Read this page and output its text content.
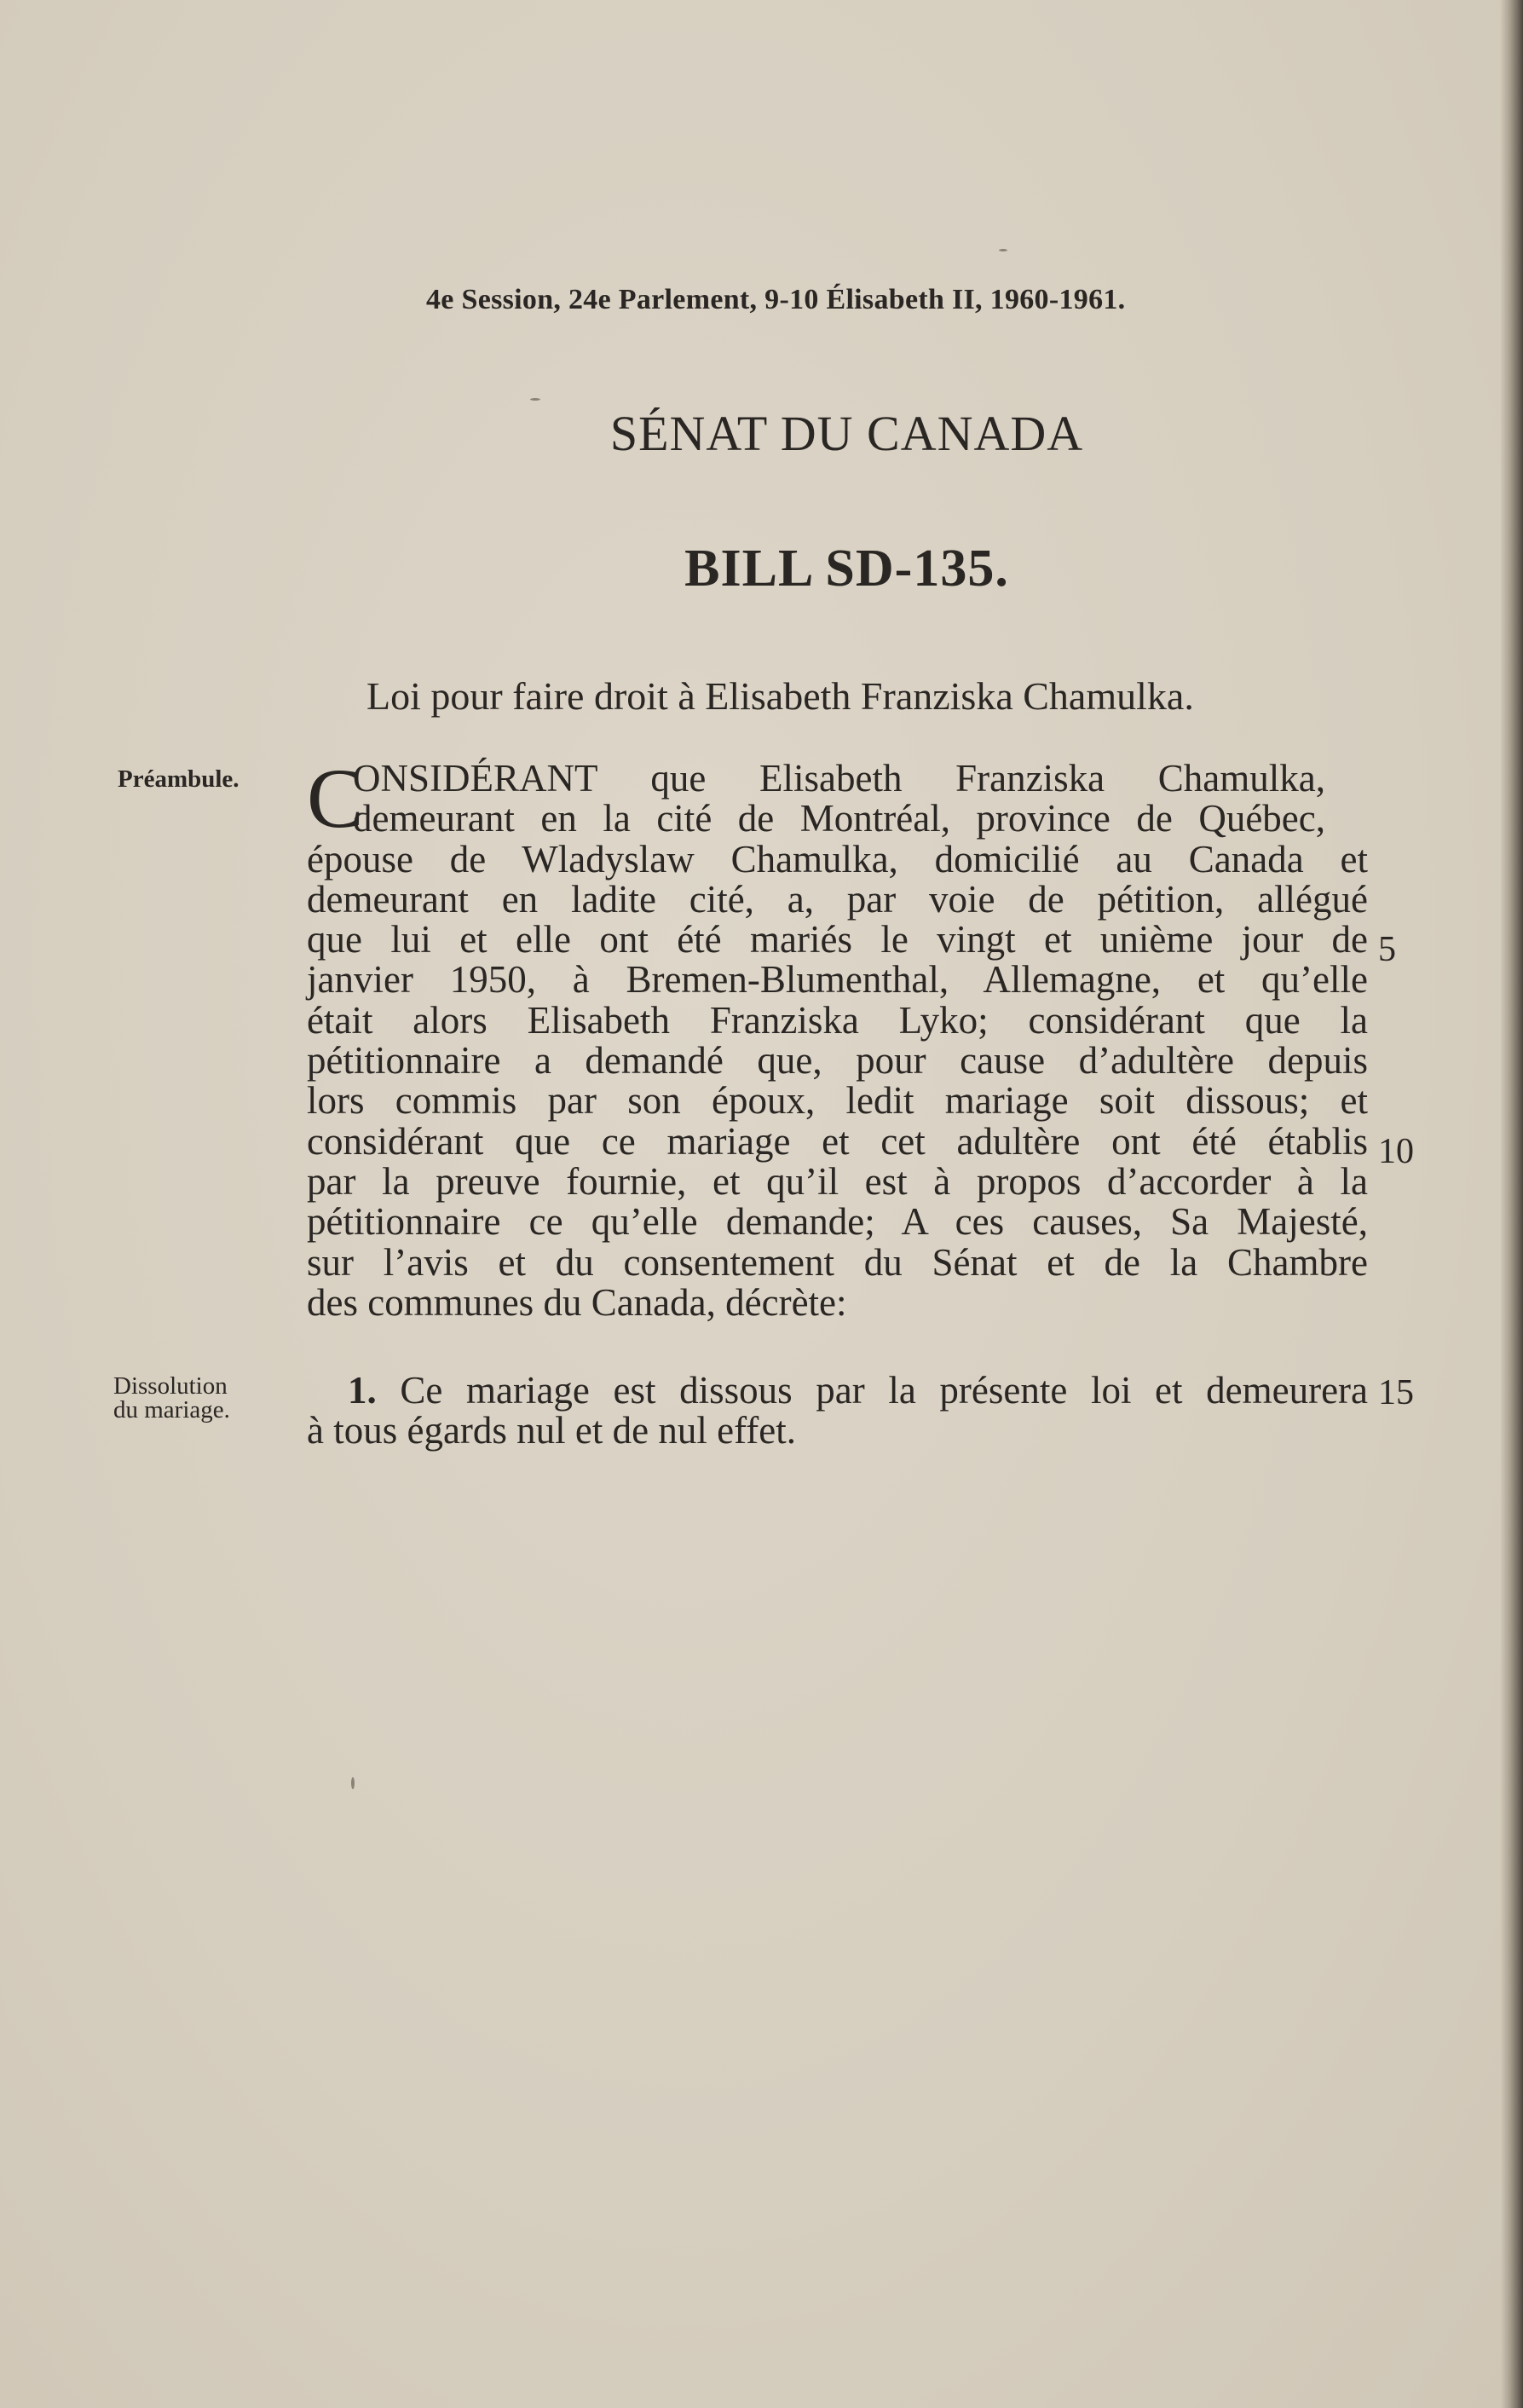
4e Session, 24e Parlement, 9-10 Élisabeth II, 1960-1961.
SÉNAT DU CANADA
BILL SD-135.
Loi pour faire droit à Elisabeth Franziska Chamulka.
Préambule.
Dissolution
du mariage.
C
ONSIDÉRANT que Elisabeth Franziska Chamulka,
demeurant en la cité de Montréal, province de Québec,
épouse de Wladyslaw Chamulka, domicilié au Canada et
demeurant en ladite cité, a, par voie de pétition, allégué
que lui et elle ont été mariés le vingt et unième jour de
janvier 1950, à Bremen-Blumenthal, Allemagne, et qu’elle
était alors Elisabeth Franziska Lyko; considérant que la
pétitionnaire a demandé que, pour cause d’adultère depuis
lors commis par son époux, ledit mariage soit dissous; et
considérant que ce mariage et cet adultère ont été établis
par la preuve fournie, et qu’il est à propos d’accorder à la
pétitionnaire ce qu’elle demande; A ces causes, Sa Majesté,
sur l’avis et du consentement du Sénat et de la Chambre
des communes du Canada, décrète:
5
10
15
1. Ce mariage est dissous par la présente loi et demeurera
à tous égards nul et de nul effet.
